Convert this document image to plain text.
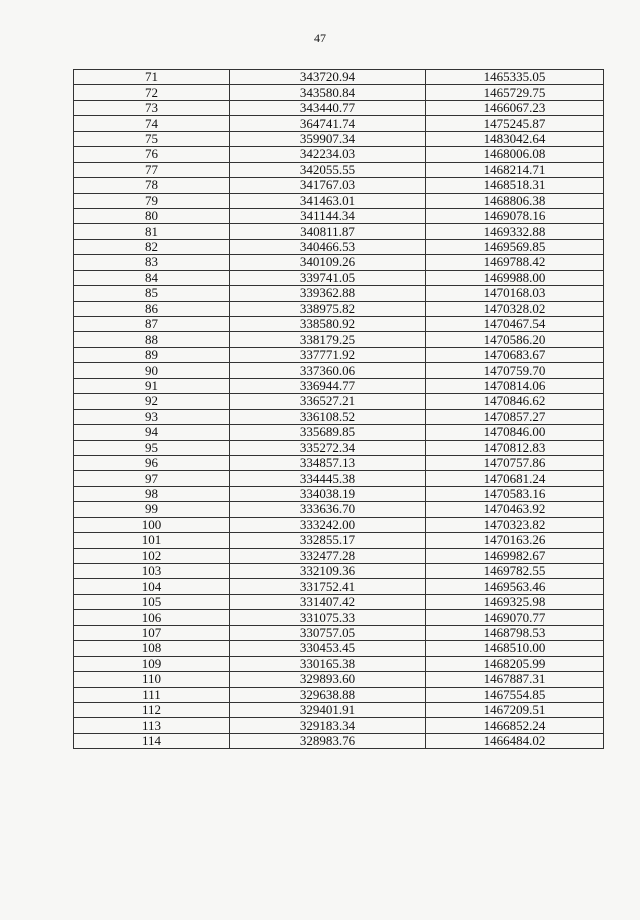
47
71	343720.94	1465335.05
72	343580.84	1465729.75
73	343440.77	1466067.23
74	364741.74	1475245.87
75	359907.34	1483042.64
76	342234.03	1468006.08
77	342055.55	1468214.71
78	341767.03	1468518.31
79	341463.01	1468806.38
80	341144.34	1469078.16
81	340811.87	1469332.88
82	340466.53	1469569.85
83	340109.26	1469788.42
84	339741.05	1469988.00
85	339362.88	1470168.03
86	338975.82	1470328.02
87	338580.92	1470467.54
88	338179.25	1470586.20
89	337771.92	1470683.67
90	337360.06	1470759.70
91	336944.77	1470814.06
92	336527.21	1470846.62
93	336108.52	1470857.27
94	335689.85	1470846.00
95	335272.34	1470812.83
96	334857.13	1470757.86
97	334445.38	1470681.24
98	334038.19	1470583.16
99	333636.70	1470463.92
100	333242.00	1470323.82
101	332855.17	1470163.26
102	332477.28	1469982.67
103	332109.36	1469782.55
104	331752.41	1469563.46
105	331407.42	1469325.98
106	331075.33	1469070.77
107	330757.05	1468798.53
108	330453.45	1468510.00
109	330165.38	1468205.99
110	329893.60	1467887.31
111	329638.88	1467554.85
112	329401.91	1467209.51
113	329183.34	1466852.24
114	328983.76	1466484.02
